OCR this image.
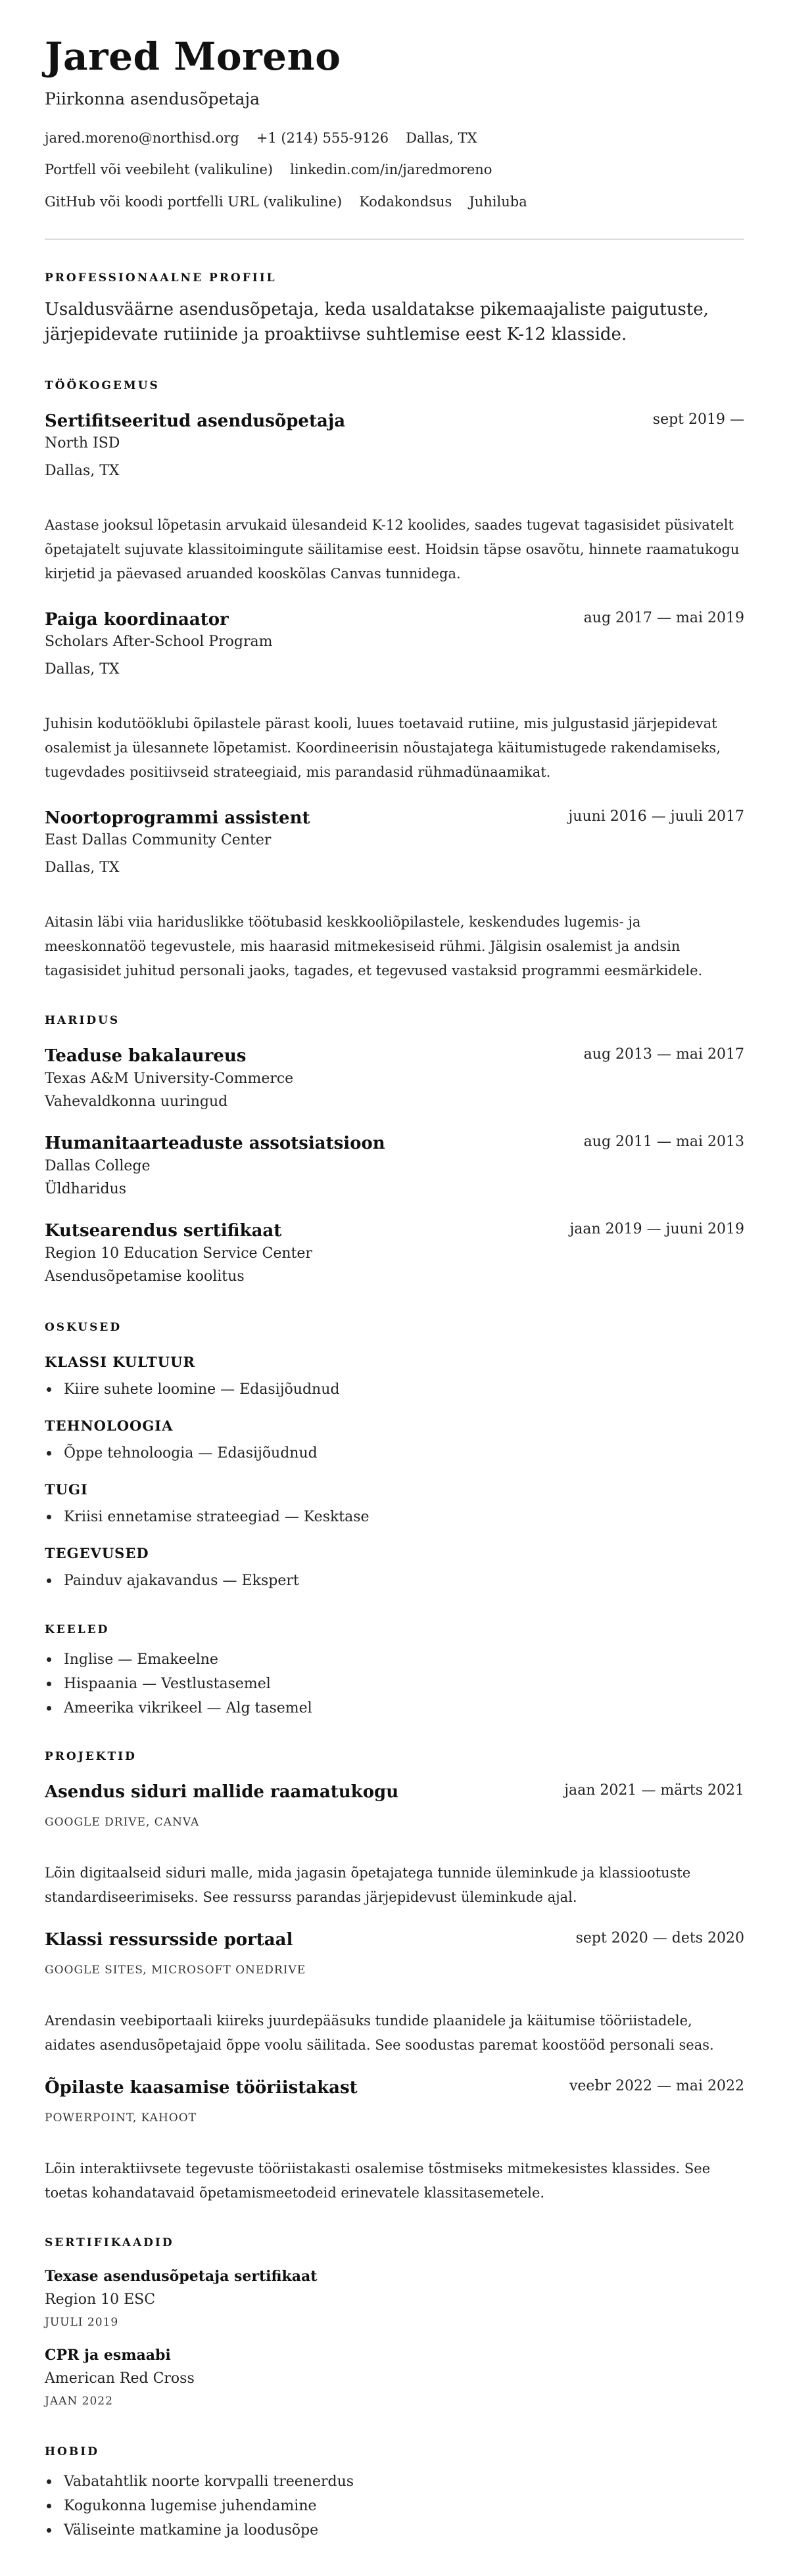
Jared Moreno
Piirkonna asendusõpetaja
jared.moreno@northisd.org +1 (214) 555-9126 Dallas, TX
Portfell või veebileht (valikuline) linkedin.com/in/jaredmoreno
GitHub või koodi portfelli URL (valikuline) Kodakondsus Juhiluba
PROFESSIONAALNE PROFIIL
Usaldusväärne asendusõpetaja, keda usaldatakse pikemaajaliste paigutuste, järjepidevate rutiinide ja proaktiivse suhtlemise eest K-12 klasside.
TÖÖKOGEMUS
Sertifitseeritud asendusõpetaja	sept 2019 —
North ISD
Dallas, TX
Aastase jooksul lõpetasin arvukaid ülesandeid K-12 koolides, saades tugevat tagasisidet püsivatelt õpetajatelt sujuvate klassitoimingute säilitamise eest. Hoidsin täpse osavõtu, hinnete raamatukogu kirjetid ja päevased aruanded kooskõlas Canvas tunnidega.
Paiga koordinaator	aug 2017 — mai 2019
Scholars After-School Program
Dallas, TX
Juhisin kodutööklubi õpilastele pärast kooli, luues toetavaid rutiine, mis julgustasid järjepidevat osalemist ja ülesannete lõpetamist. Koordineerisin nõustajatega käitumistugede rakendamiseks, tugevdades positiivseid strateegiaid, mis parandasid rühmadünaamikat.
Noortoprogrammi assistent	juuni 2016 — juuli 2017
East Dallas Community Center
Dallas, TX
Aitasin läbi viia hariduslikke töötubasid keskkooliõpilastele, keskendudes lugemis- ja meeskonnatöö tegevustele, mis haarasid mitmekesiseid rühmi. Jälgisin osalemist ja andsin tagasisidet juhitud personali jaoks, tagades, et tegevused vastaksid programmi eesmärkidele.
HARIDUS
Teaduse bakalaureus	aug 2013 — mai 2017
Texas A&M University-Commerce
Vahevaldkonna uuringud
Humanitaarteaduste assotsiatsioon	aug 2011 — mai 2013
Dallas College
Üldharidus
Kutsearendus sertifikaat	jaan 2019 — juuni 2019
Region 10 Education Service Center
Asendusõpetamise koolitus
OSKUSED
KLASSI KULTUUR
Kiire suhete loomine — Edasijõudnud
TEHNOLOOGIA
Õppe tehnoloogia — Edasijõudnud
TUGI
Kriisi ennetamise strateegiad — Kesktase
TEGEVUSED
Painduv ajakavandus — Ekspert
KEELED
Inglise — Emakeelne
Hispaania — Vestlustasemel
Ameerika vikrikeel — Alg tasemel
PROJEKTID
Asendus siduri mallide raamatukogu	jaan 2021 — märts 2021
GOOGLE DRIVE, CANVA
Lõin digitaalseid siduri malle, mida jagasin õpetajatega tunnide üleminkude ja klassiootuste standardiseerimiseks. See ressurss parandas järjepidevust üleminkude ajal.
Klassi ressursside portaal	sept 2020 — dets 2020
GOOGLE SITES, MICROSOFT ONEDRIVE
Arendasin veebiportaali kiireks juurdepääsuks tundide plaanidele ja käitumise tööriistadele, aidates asendusõpetajaid õppe voolu säilitada. See soodustas paremat koostööd personali seas.
Õpilaste kaasamise tööriistakast	veebr 2022 — mai 2022
POWERPOINT, KAHOOT
Lõin interaktiivsete tegevuste tööriistakasti osalemise tõstmiseks mitmekesistes klassides. See toetas kohandatavaid õpetamismeetodeid erinevatele klassitasemetele.
SERTIFIKAADID
Texase asendusõpetaja sertifikaat
Region 10 ESC
JUULI 2019
CPR ja esmaabi
American Red Cross
JAAN 2022
HOBID
Vabatahtlik noorte korvpalli treenerdus
Kogukonna lugemise juhendamine
Väliseinte matkamine ja loodusõpe
